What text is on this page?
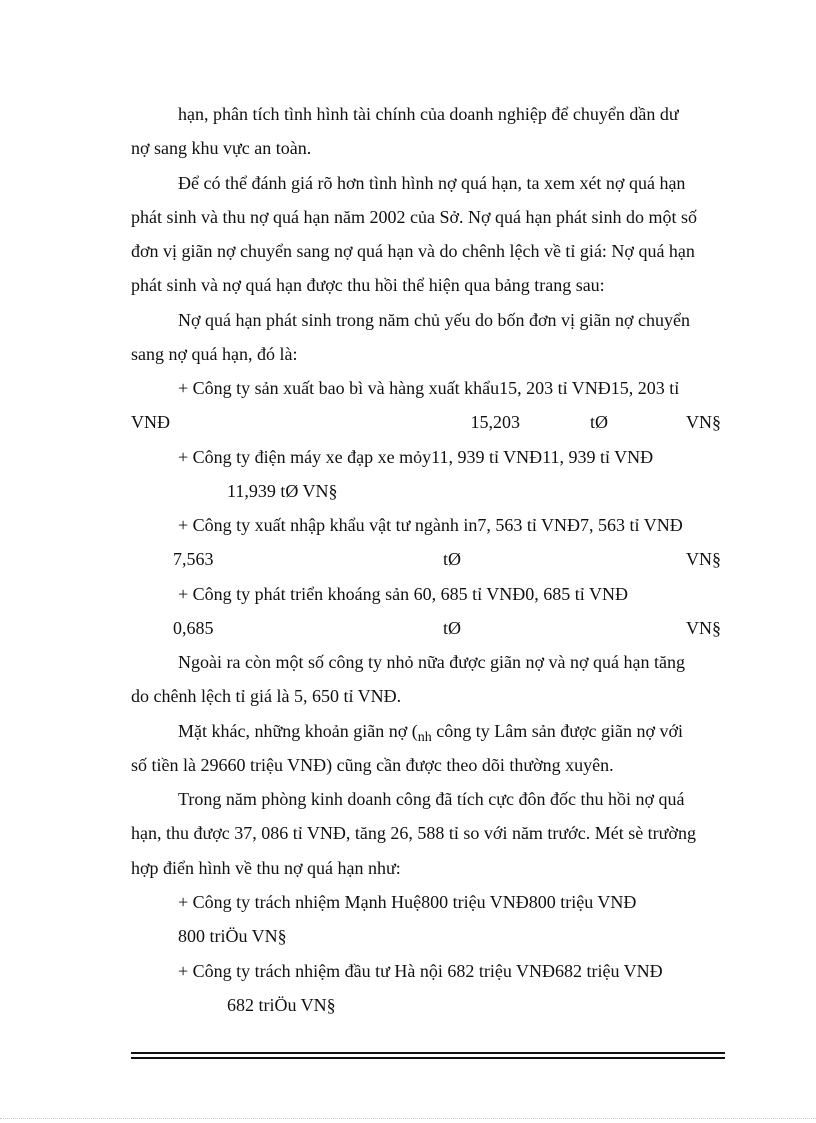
hạn, phân tích tình hình tài chính của doanh nghiệp để chuyển dần dư
nợ sang khu vực an toàn.
Để có thể đánh giá rõ hơn tình hình nợ quá hạn, ta xem xét nợ quá hạn
phát sinh và thu nợ quá hạn năm 2002 của Sở. Nợ quá hạn phát sinh do một số
đơn vị giãn nợ chuyển sang nợ quá hạn và do chênh lệch về tỉ giá: Nợ quá hạn
phát sinh và nợ quá hạn được thu hồi thể hiện qua bảng trang sau:
Nợ quá hạn phát sinh trong năm chủ yếu do bốn đơn vị giãn nợ chuyển
sang nợ quá hạn, đó là:
+ Công ty sản xuất bao bì và hàng xuất khẩu15, 203 tỉ VNĐ15, 203 tỉ
VNĐ	15,203	tØ	VN§
+ Công ty điện máy xe đạp xe mỏy11, 939 tỉ VNĐ11, 939 tỉ VNĐ
11,939 tØ VN§
+ Công ty xuất nhập khẩu vật tư ngành in7, 563 tỉ VNĐ7, 563 tỉ VNĐ
7,563	tØ	VN§
+ Công ty phát triển khoáng sản 60, 685 tỉ VNĐ0, 685 tỉ VNĐ
0,685	tØ	VN§
Ngoài ra còn một số công ty nhỏ nữa được giãn nợ và nợ quá hạn tăng
do chênh lệch tỉ giá là 5, 650 tỉ VNĐ.
Mặt khác, những khoản giãn nợ ($_{nh}$ công ty Lâm sản được giãn nợ với
số tiền là 29660 triệu VNĐ) cũng cần được theo dõi thường xuyên.
Trong năm phòng kinh doanh công đã tích cực đôn đốc thu hồi nợ quá
hạn, thu được 37, 086 tỉ VNĐ, tăng 26, 588 tỉ so với năm trước. Mét sè trường
hợp điển hình về thu nợ quá hạn như:
+ Công ty trách nhiệm Mạnh Huệ800 triệu VNĐ800 triệu VNĐ
800 triÖu VN§
+ Công ty trách nhiệm đầu tư Hà nội 682 triệu VNĐ682 triệu VNĐ
682 triÖu VN§
